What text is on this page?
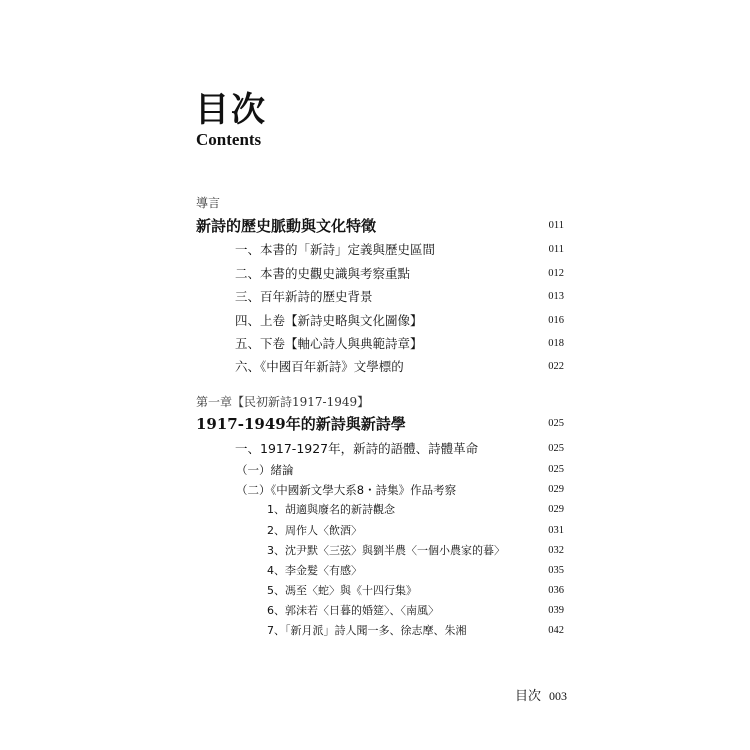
目次
Contents
導言
新詩的歷史脈動與文化特徵	011
一、本書的「新詩」定義與歷史區間	011
二、本書的史觀史識與考察重點	012
三、百年新詩的歷史背景	013
四、上卷【新詩史略與文化圖像】	016
五、下卷【軸心詩人與典範詩章】	018
六、《中國百年新詩》文學標的	022
第一章【民初新詩1917-1949】
1917-1949年的新詩與新詩學	025
一、1917-1927年，新詩的語體、詩體革命	025
（一）緒論	025
（二）《中國新文學大系8・詩集》作品考察	029
1、胡適與廢名的新詩觀念	029
2、周作人〈飲酒〉	031
3、沈尹默〈三弦〉與劉半農〈一個小農家的暮〉	032
4、李金髮〈有感〉	035
5、馮至〈蛇〉與《十四行集》	036
6、郭沫若〈日暮的婚筵〉、〈南風〉	039
7、「新月派」詩人聞一多、徐志摩、朱湘	042
目次 003
